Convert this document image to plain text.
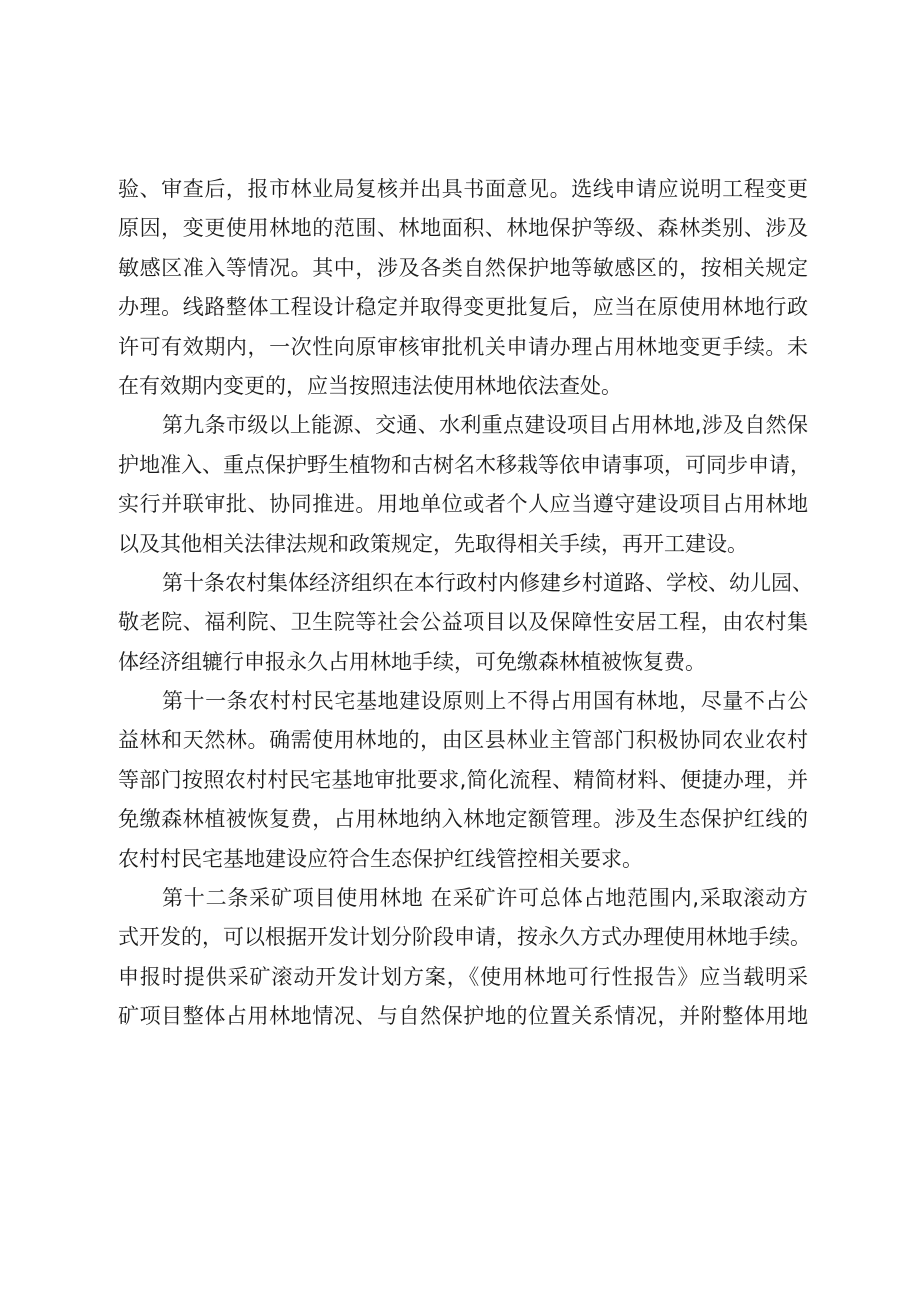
验、审查后，报市林业局复核并出具书面意见。选线申请应说明工程变更
原因，变更使用林地的范围、林地面积、林地保护等级、森林类别、涉及
敏感区准入等情况。其中，涉及各类自然保护地等敏感区的，按相关规定
办理。线路整体工程设计稳定并取得变更批复后，应当在原使用林地行政
许可有效期内，一次性向原审核审批机关申请办理占用林地变更手续。未
在有效期内变更的，应当按照违法使用林地依法查处。
第九条市级以上能源、交通、水利重点建设项目占用林地,涉及自然保
护地准入、重点保护野生植物和古树名木移栽等依申请事项，可同步申请，
实行并联审批、协同推进。用地单位或者个人应当遵守建设项目占用林地
以及其他相关法律法规和政策规定，先取得相关手续，再开工建设。
第十条农村集体经济组织在本行政村内修建乡村道路、学校、幼儿园、
敬老院、福利院、卫生院等社会公益项目以及保障性安居工程，由农村集
体经济组辘行申报永久占用林地手续，可免缴森林植被恢复费。
第十一条农村村民宅基地建设原则上不得占用国有林地，尽量不占公
益林和天然林。确需使用林地的，由区县林业主管部门积极协同农业农村
等部门按照农村村民宅基地审批要求,简化流程、精简材料、便捷办理，并
免缴森林植被恢复费，占用林地纳入林地定额管理。涉及生态保护红线的
农村村民宅基地建设应符合生态保护红线管控相关要求。
第十二条采矿项目使用林地 在采矿许可总体占地范围内,采取滚动方
式开发的，可以根据开发计划分阶段申请，按永久方式办理使用林地手续。
申报时提供采矿滚动开发计划方案，《使用林地可行性报告》应当载明采
矿项目整体占用林地情况、与自然保护地的位置关系情况，并附整体用地
